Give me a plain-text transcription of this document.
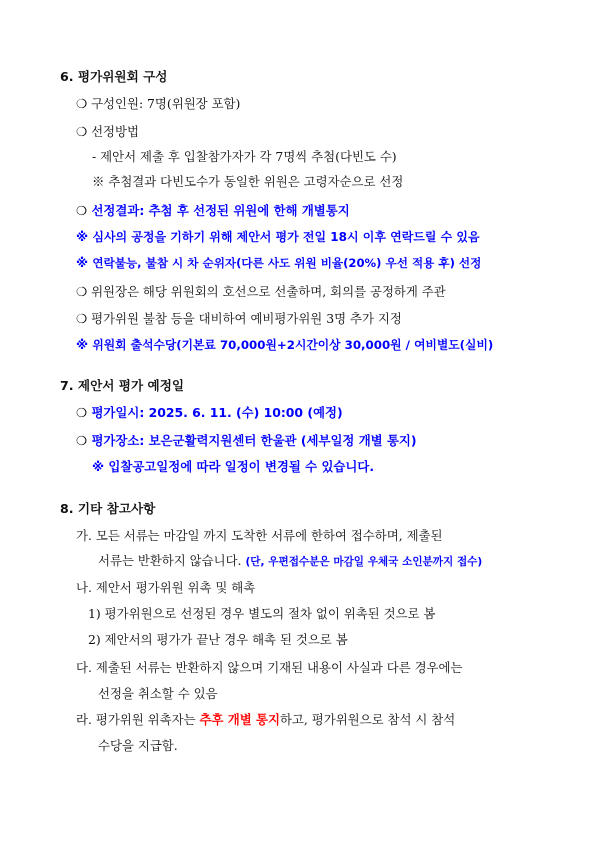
6. 평가위원회 구성
❍ 구성인원: 7명(위원장 포함)
❍ 선정방법
- 제안서 제출 후 입찰참가자가 각 7명씩 추첨(다빈도 수)
※ 추첨결과 다빈도수가 동일한 위원은 고령자순으로 선정
❍ 선정결과: 추첨 후 선정된 위원에 한해 개별통지
※ 심사의 공정을 기하기 위해 제안서 평가 전일 18시 이후 연락드릴 수 있음
※ 연락불능, 불참 시 차 순위자(다른 사도 위원 비율(20%) 우선 적용 후) 선정
❍ 위원장은 해당 위원회의 호선으로 선출하며, 회의를 공정하게 주관
❍ 평가위원 불참 등을 대비하여 예비평가위원 3명 추가 지정
※ 위원회 출석수당(기본료 70,000원+2시간이상 30,000원 / 여비별도(실비)
7. 제안서 평가 예정일
❍ 평가일시: 2025. 6. 11. (수) 10:00 (예정)
❍ 평가장소: 보은군활력지원센터 한울관 (세부일정 개별 통지)
※ 입찰공고일정에 따라 일정이 변경될 수 있습니다.
8. 기타 참고사항
가. 모든 서류는 마감일 까지 도착한 서류에 한하여 접수하며, 제출된
서류는 반환하지 않습니다. (단, 우편접수분은 마감일 우체국 소인분까지 접수)
나. 제안서 평가위원 위촉 및 해촉
1) 평가위원으로 선정된 경우 별도의 절차 없이 위촉된 것으로 봄
2) 제안서의 평가가 끝난 경우 해촉 된 것으로 봄
다. 제출된 서류는 반환하지 않으며 기재된 내용이 사실과 다른 경우에는
선정을 취소할 수 있음
라. 평가위원 위촉자는 추후 개별 통지하고, 평가위원으로 참석 시 참석
수당을 지급함.
